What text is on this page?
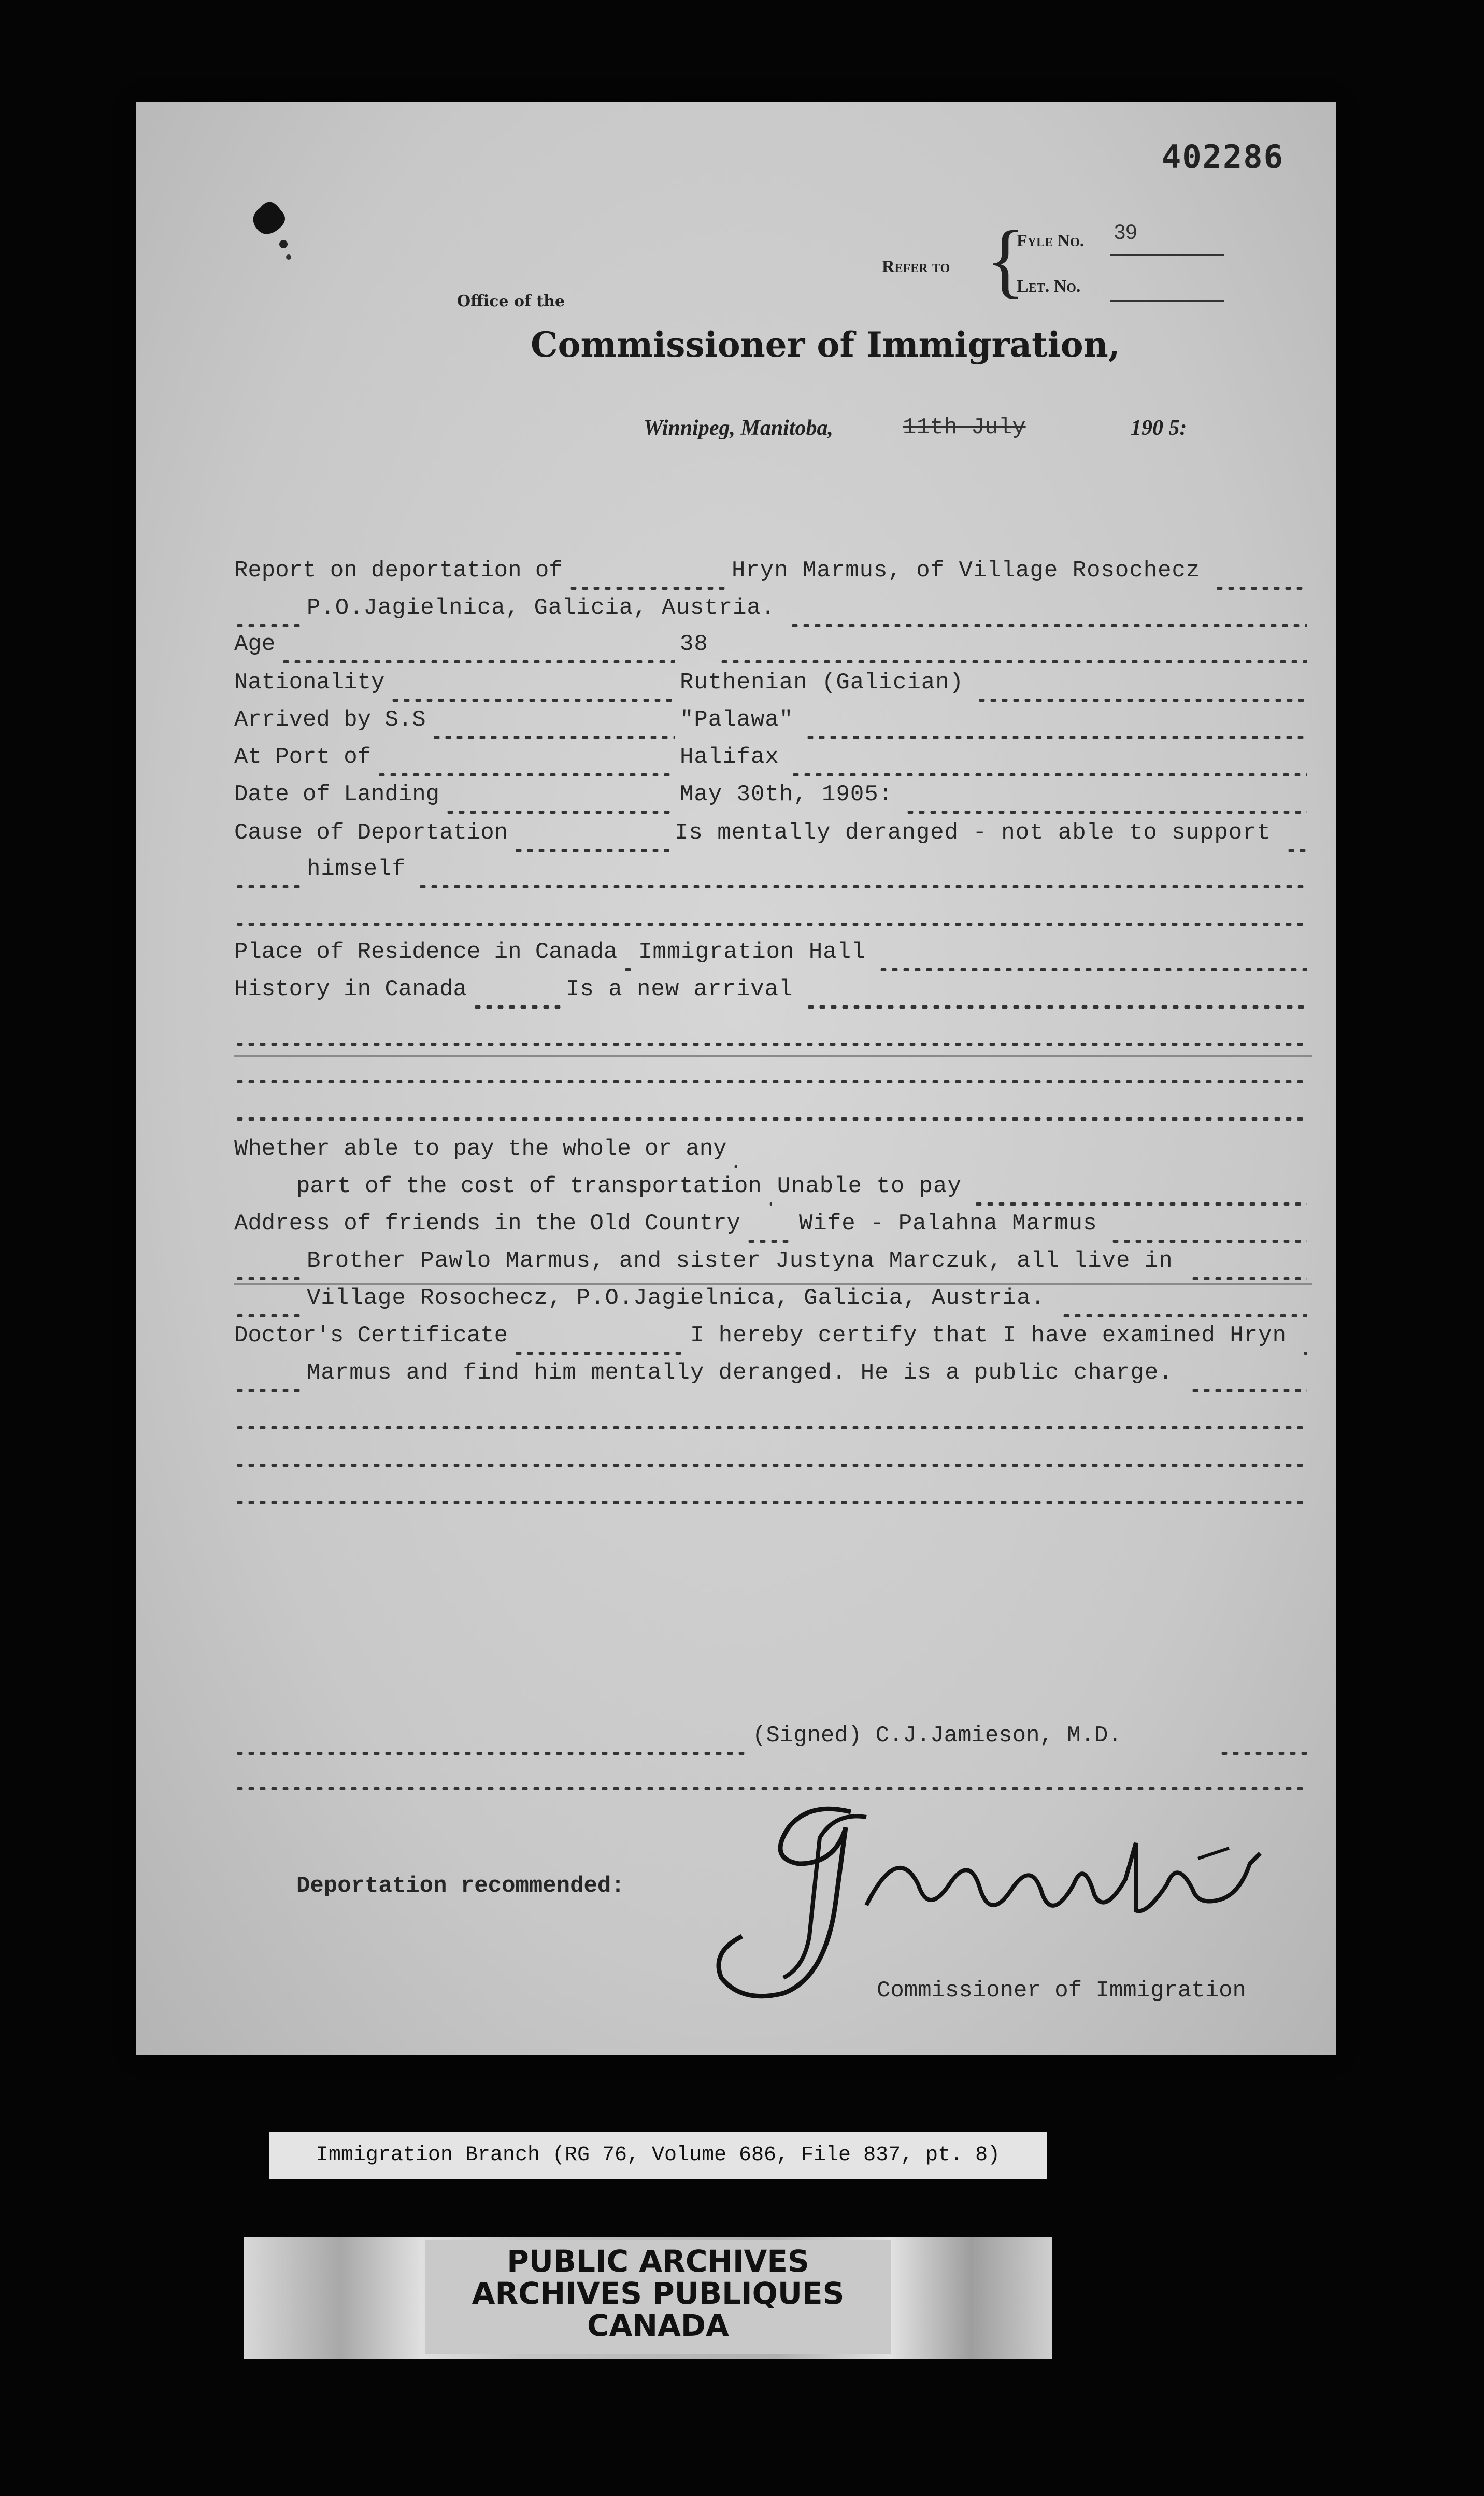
402286
Refer to {
Fyle No. 39
Let. No.
Office of the
Commissioner of Immigration,
Winnipeg, Manitoba,	11th July	190 5:
Report on deportation of	Hryn Marmus, of Village Rosochecz
P.O.Jagielnica, Galicia, Austria.
Age	38
Nationality	Ruthenian (Galician)
Arrived by S.S	"Palawa"
At Port of	Halifax
Date of Landing	May 30th, 1905:
Cause of Deportation	Is mentally deranged - not able to support
himself
Place of Residence in Canada Immigration Hall
History in Canada	Is a new arrival
Whether able to pay the whole or any
part of the cost of transportation Unable to pay
Address of friends in the Old Country	Wife - Palahna Marmus
Brother Pawlo Marmus, and sister Justyna Marczuk, all live in
Village Rosochecz, P.O.Jagielnica, Galicia, Austria.
Doctor's Certificate	I hereby certify that I have examined Hryn
Marmus and find him mentally deranged. He is a public charge.
(Signed) C.J.Jamieson, M.D.
Deportation recommended:
Commissioner of Immigration
Immigration Branch (RG 76, Volume 686, File 837, pt. 8)
PUBLIC ARCHIVES
ARCHIVES PUBLIQUES
CANADA
